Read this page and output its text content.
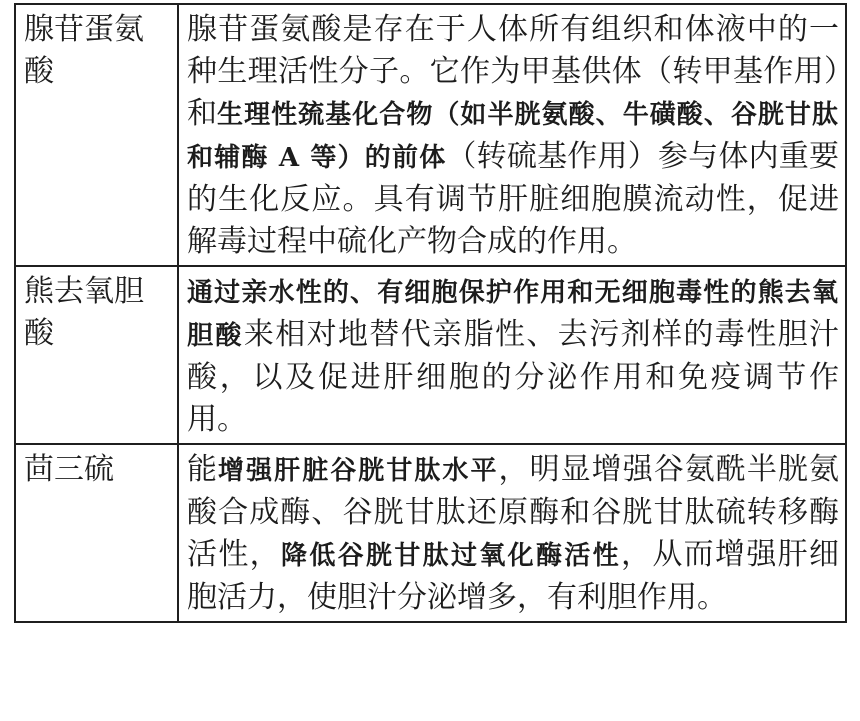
腺苷蛋氨酸	腺苷蛋氨酸是存在于人体所有组织和体液中的一种生理活性分子。它作为甲基供体（转甲基作用）和生理性巯基化合物（如半胱氨酸、牛磺酸、谷胱甘肽和辅酶 A 等）的前体（转硫基作用）参与体内重要的生化反应。具有调节肝脏细胞膜流动性，促进解毒过程中硫化产物合成的作用。
熊去氧胆酸	通过亲水性的、有细胞保护作用和无细胞毒性的熊去氧胆酸来相对地替代亲脂性、去污剂样的毒性胆汁酸，以及促进肝细胞的分泌作用和免疫调节作用。
茴三硫	能增强肝脏谷胱甘肽水平，明显增强谷氨酰半胱氨酸合成酶、谷胱甘肽还原酶和谷胱甘肽硫转移酶活性，降低谷胱甘肽过氧化酶活性，从而增强肝细胞活力，使胆汁分泌增多，有利胆作用。
